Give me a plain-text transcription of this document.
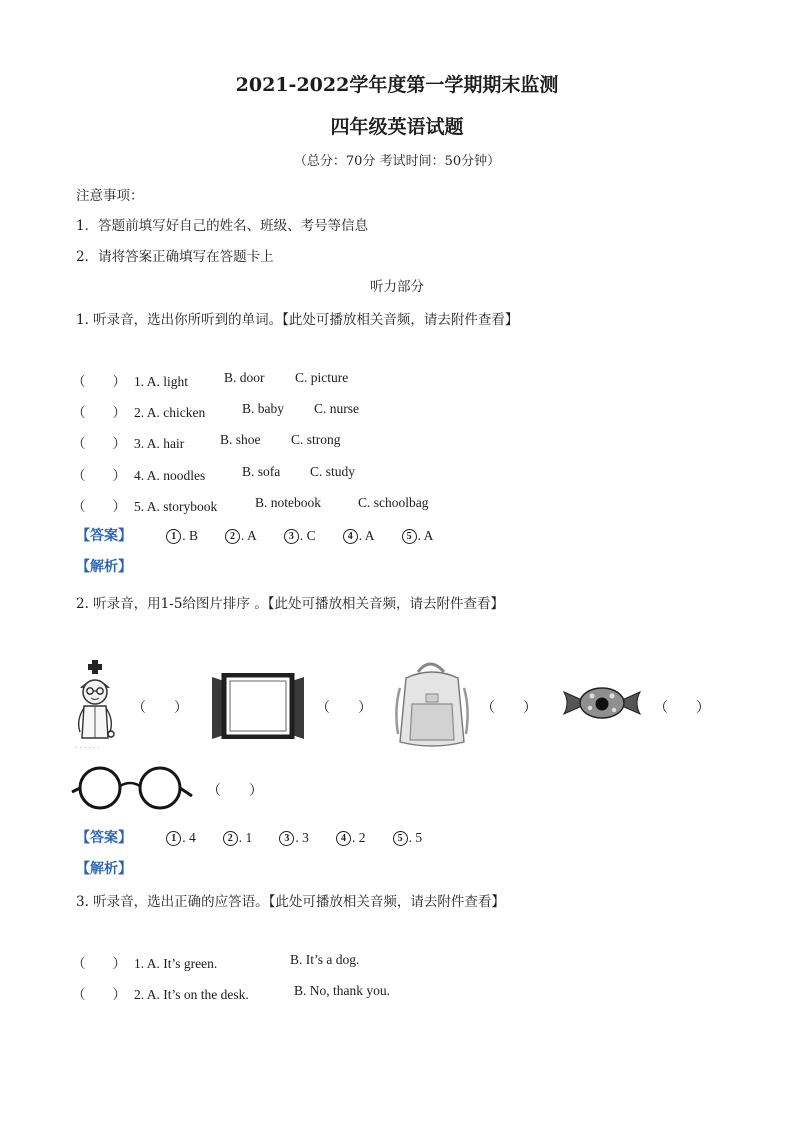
2021-2022学年度第一学期期末监测
四年级英语试题
（总分：70分 考试时间：50分钟）
注意事项：
1．答题前填写好自己的姓名、班级、考号等信息
2．请将答案正确填写在答题卡上
听力部分
1. 听录音，选出你所听到的单词。【此处可播放相关音频，请去附件查看】
（　　） 1. A. light	B. door C. picture
（　　） 2. A. chicken	B. baby C. nurse
（　　） 3. A. hair	B. shoe C. strong
（　　） 4. A. noodles	B. sofa C. study
（　　） 5. A. storybook	B. notebook	C. schoolbag
【答案】	1 . B	2 . A	3 . C	4 . A	5 . A
【解析】
2. 听录音，用1-5给图片排序 。【此处可播放相关音频，请去附件查看】
· · · · · ·
（　　）	（　　）	（　　）	（　　）
（　　）
【答案】	1 . 4	2 . 1	3 . 3	4 . 2	5 . 5
【解析】
3. 听录音，选出正确的应答语。【此处可播放相关音频，请去附件查看】
（　　） 1. A. It’s green.	B. It’s a dog.
（　　） 2. A. It’s on the desk.	B. No, thank you.
